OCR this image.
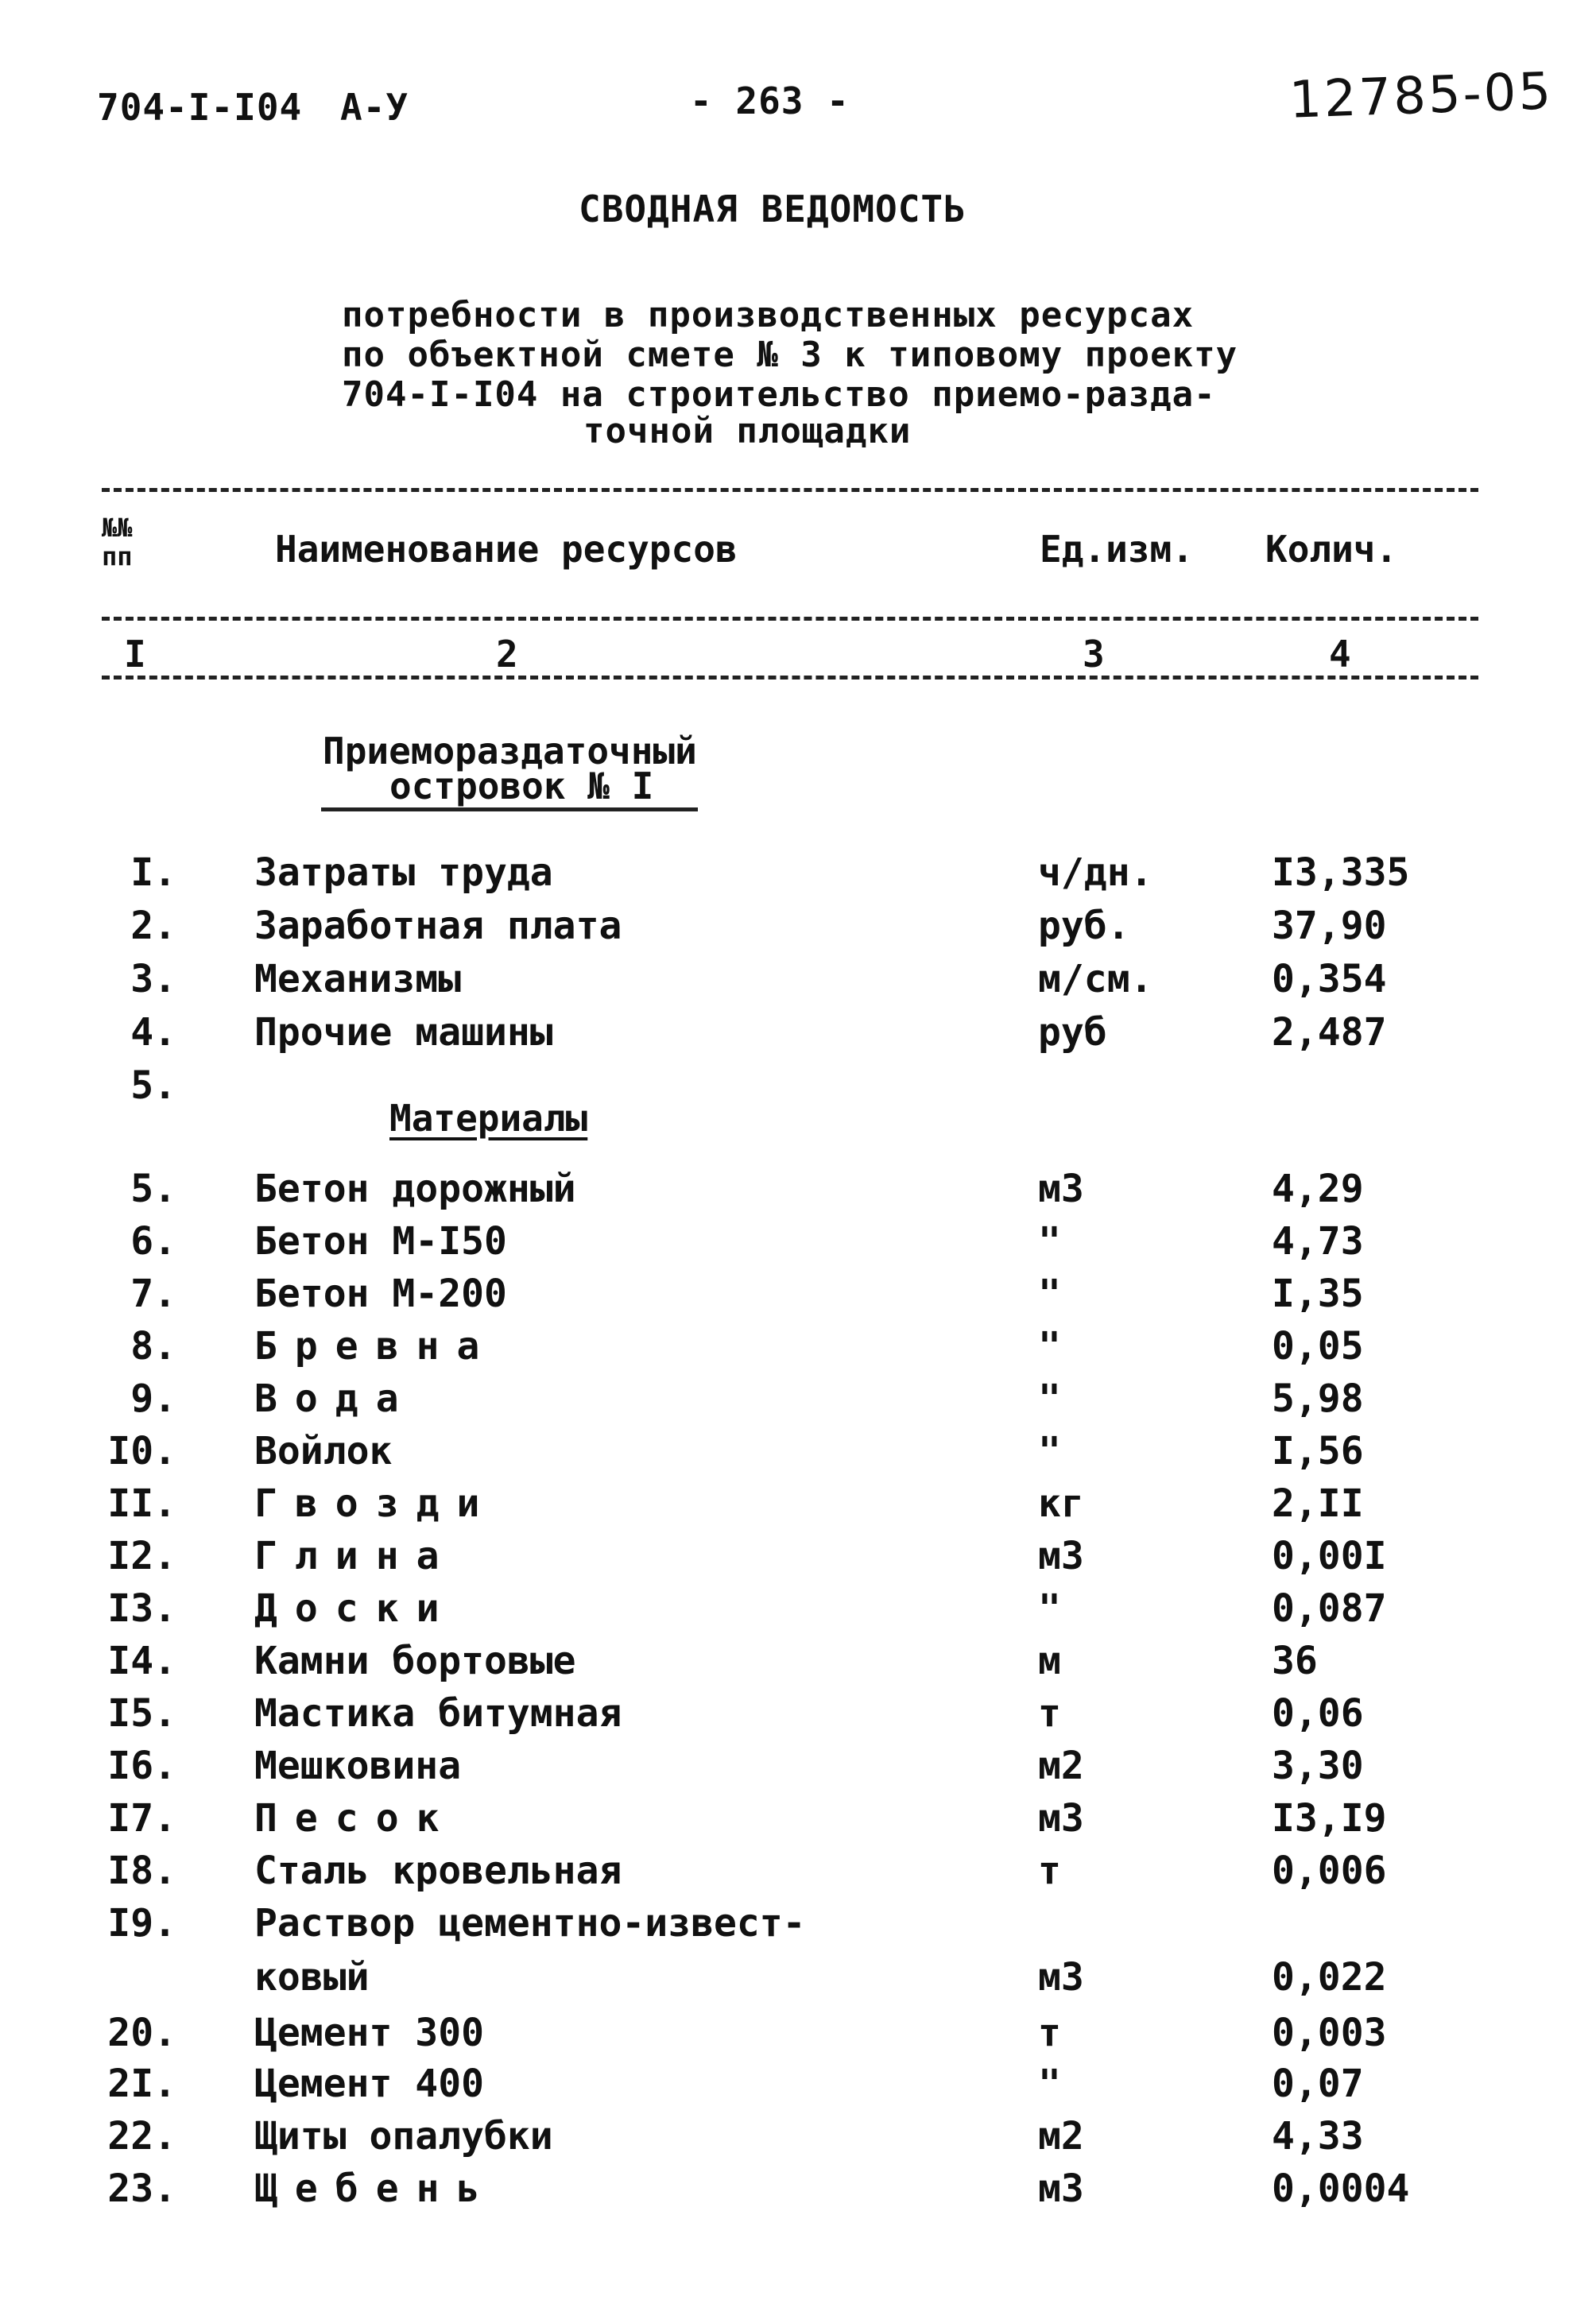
704-I-I04 А-У	- 263 -	12785-05
СВОДНАЯ ВЕДОМОСТЬ
потребности в производственных ресурсах
по объектной смете № 3 к типовому проекту
704-I-I04 на строительство приемо-разда-
точной площадки
№№
пп	Наименование ресурсов	Ед.изм. Колич.
I	2	3	4
Приемораздаточный
островок № I
I. Затраты труда	ч/дн.	I3,335
2. Заработная плата	руб.	37,90
3. Механизмы	м/см.	0,354
4. Прочие машины	руб	2,487
5.
Материалы
5. Бетон дорожный	м3	4,29
6. Бетон М-I50	"	4,73
7. Бетон М-200	"	I,35
8. Бревна	"	0,05
9. Вода	"	5,98
I0. Войлок	"	I,56
II. Гвозди	кг	2,II
I2. Глина	м3	0,00I
I3. Доски	"	0,087
I4. Камни бортовые	м	36
I5. Мастика битумная	т	0,06
I6. Мешковина	м2	3,30
I7. Песок	м3	I3,I9
I8. Сталь кровельная	т	0,006
I9. Раствор цементно-извест-
ковый	м3	0,022
20. Цемент 300	т	0,003
2I. Цемент 400	"	0,07
22. Щиты опалубки	м2	4,33
23. Щебень	м3	0,0004
